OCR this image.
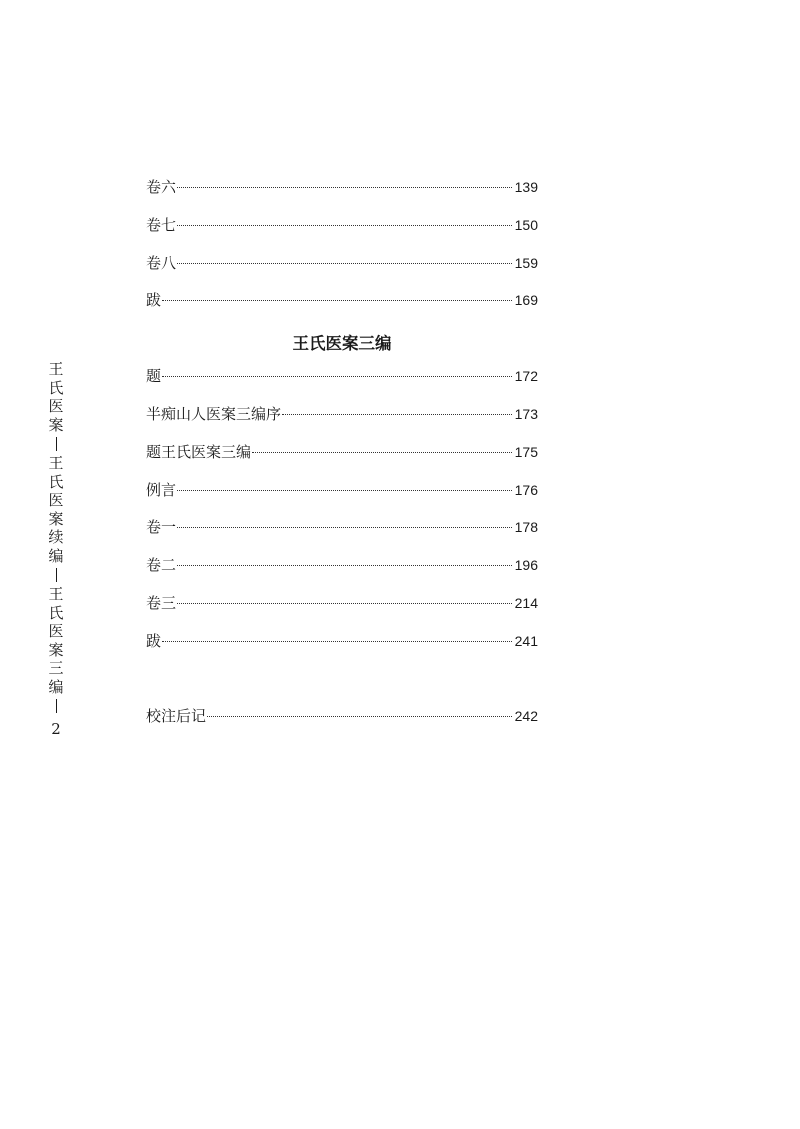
王
氏
医
案
王
氏
医
案
续
编
王
氏
医
案
三
编
2
卷六	139
卷七	150
卷八	159
跋	169
王氏医案三编
题	172
半痴山人医案三编序	173
题王氏医案三编	175
例言	176
卷一	178
卷二	196
卷三	214
跋	241
校注后记	242
